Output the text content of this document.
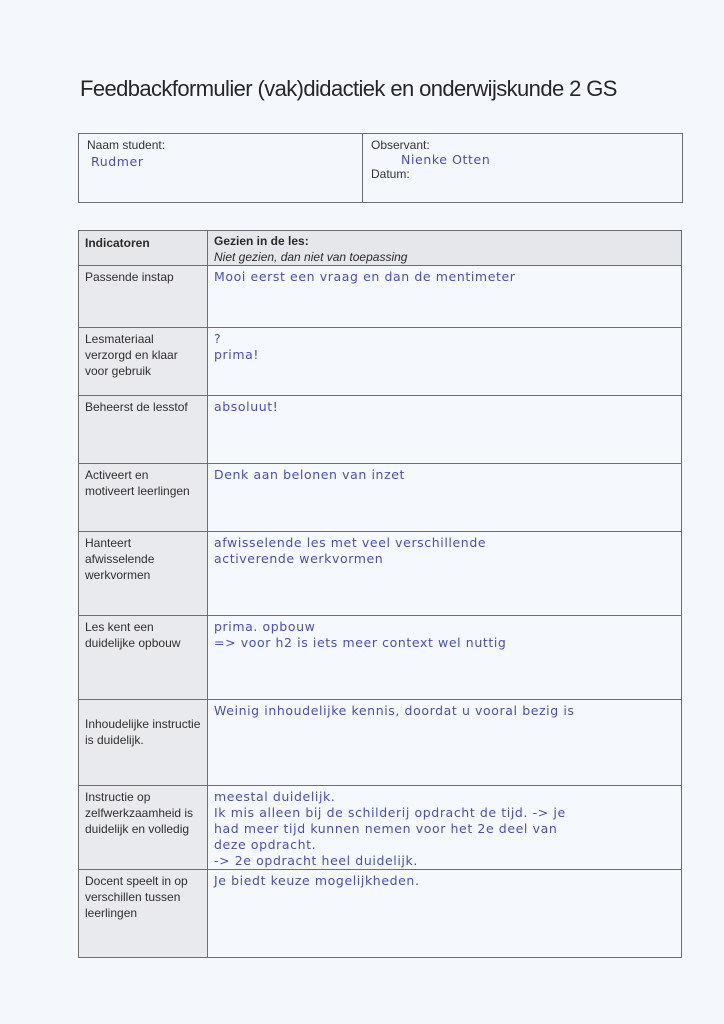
Feedbackformulier (vak)didactiek en onderwijskunde 2 GS
Naam student:
Rudmer
Observant:
Nienke Otten
Datum:
Indicatoren	Gezien in de les:
Niet gezien, dan niet van toepassing

Passende instap	Mooi eerst een vraag en dan de mentimeter

Lesmateriaal verzorgd en klaar voor gebruik	?
prima!

Beheerst de lesstof	absoluut!

Activeert en motiveert leerlingen	Denk aan belonen van inzet

Hanteert afwisselende werkvormen	afwisselende les met veel verschillende
activerende werkvormen

Les kent een duidelijke opbouw	prima. opbouw
=> voor h2 is iets meer context wel nuttig

Inhoudelijke instructie is duidelijk.	Weinig inhoudelijke kennis, doordat u vooral bezig is

Instructie op zelfwerkzaamheid is duidelijk en volledig	meestal duidelijk.
Ik mis alleen bij de schilderij opdracht de tijd. -> je
had meer tijd kunnen nemen voor het 2e deel van
deze opdracht.
-> 2e opdracht heel duidelijk.

Docent speelt in op verschillen tussen leerlingen	Je biedt keuze mogelijkheden.
